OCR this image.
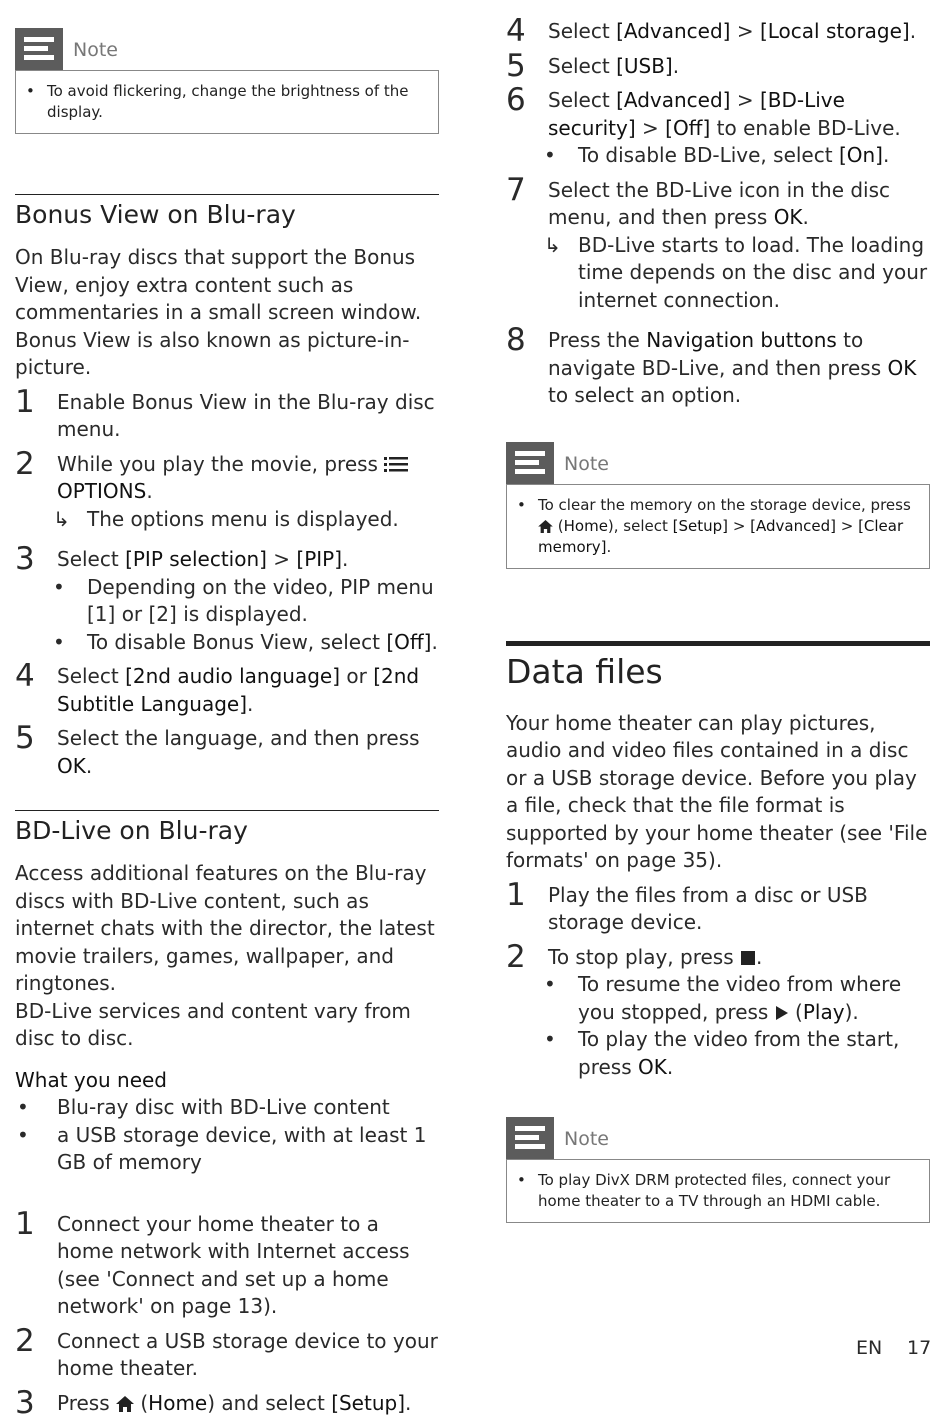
Note
• To avoid flickering, change the brightness of the display.
Bonus View on Blu-ray
On Blu-ray discs that support the Bonus View, enjoy extra content such as commentaries in a small screen window. Bonus View is also known as picture-in-picture.
1 Enable Bonus View in the Blu-ray disc menu.
2 While you play the movie, press  OPTIONS.
↳ The options menu is displayed.
3 Select [PIP selection] > [PIP].
• Depending on the video, PIP menu [1] or [2] is displayed.
• To disable Bonus View, select [Off].
4 Select [2nd audio language] or [2nd Subtitle Language].
5 Select the language, and then press OK.
BD-Live on Blu-ray
Access additional features on the Blu-ray discs with BD-Live content, such as internet chats with the director, the latest movie trailers, games, wallpaper, and ringtones.
BD-Live services and content vary from disc to disc.
What you need
• Blu-ray disc with BD-Live content
• a USB storage device, with at least 1 GB of memory
1 Connect your home theater to a home network with Internet access (see 'Connect and set up a home network' on page 13).
2 Connect a USB storage device to your home theater.
3 Press  (Home) and select [Setup].
4 Select [Advanced] > [Local storage].
5 Select [USB].
6 Select [Advanced] > [BD-Live security] > [Off] to enable BD-Live.
• To disable BD-Live, select [On].
7 Select the BD-Live icon in the disc menu, and then press OK.
↳ BD-Live starts to load. The loading time depends on the disc and your internet connection.
8 Press the Navigation buttons to navigate BD-Live, and then press OK to select an option.
Note
• To clear the memory on the storage device, press  (Home), select [Setup] > [Advanced] > [Clear memory].
Data files
Your home theater can play pictures, audio and video files contained in a disc or a USB storage device. Before you play a file, check that the file format is supported by your home theater (see 'File formats' on page 35).
1 Play the files from a disc or USB storage device.
2 To stop play, press .
• To resume the video from where you stopped, press  (Play).
• To play the video from the start, press OK.
Note
• To play DivX DRM protected files, connect your home theater to a TV through an HDMI cable.
EN 17
